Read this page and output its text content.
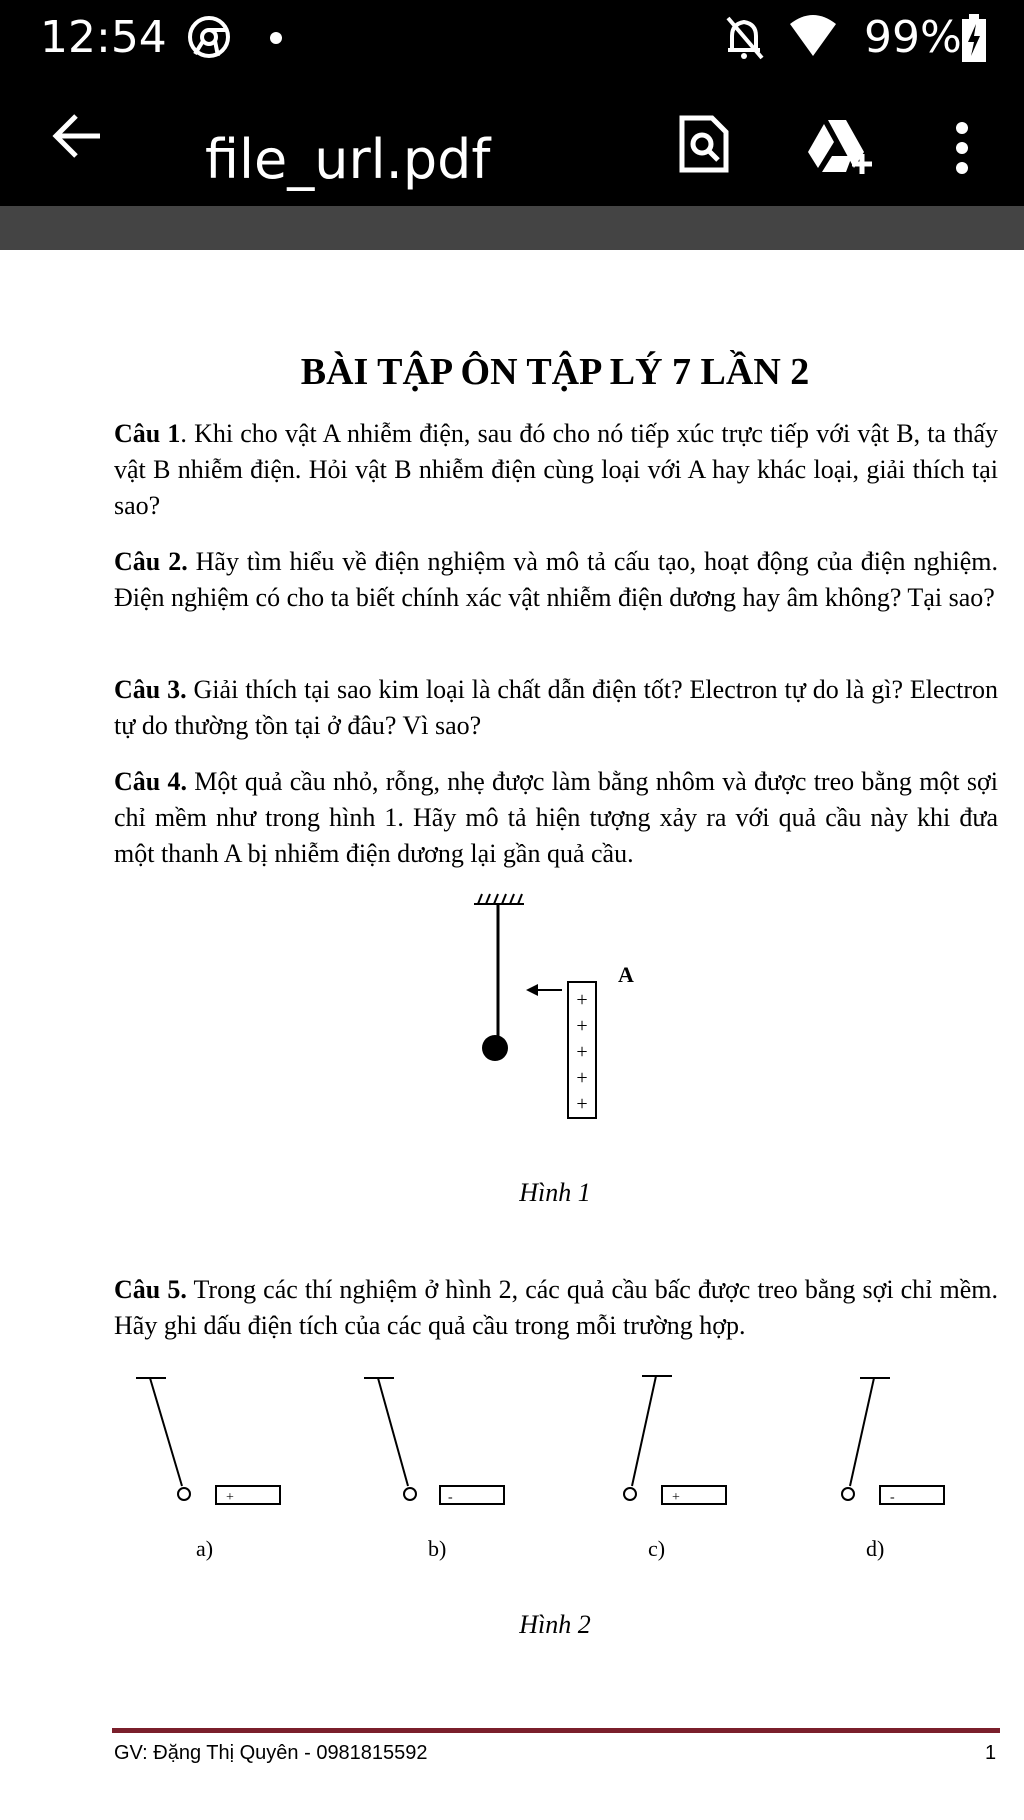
12:54	99%
file_url.pdf
BÀI TẬP ÔN TẬP LÝ 7 LẦN 2
Câu 1. Khi cho vật A nhiễm điện, sau đó cho nó tiếp xúc trực tiếp với vật B, ta thấy vật B nhiễm điện. Hỏi vật B nhiễm điện cùng loại với A hay khác loại, giải thích tại sao?
Câu 2. Hãy tìm hiểu về điện nghiệm và mô tả cấu tạo, hoạt động của điện nghiệm. Điện nghiệm có cho ta biết chính xác vật nhiễm điện dương hay âm không? Tại sao?
Câu 3. Giải thích tại sao kim loại là chất dẫn điện tốt? Electron tự do là gì? Electron tự do thường tồn tại ở đâu? Vì sao?
Câu 4. Một quả cầu nhỏ, rỗng, nhẹ được làm bằng nhôm và được treo bằng một sợi chỉ mềm như trong hình 1. Hãy mô tả hiện tượng xảy ra với quả cầu này khi đưa một thanh A bị nhiễm điện dương lại gần quả cầu.
+
+
+
+
+
A
Hình 1
Câu 5. Trong các thí nghiệm ở hình 2, các quả cầu bấc được treo bằng sợi chỉ mềm. Hãy ghi dấu điện tích của các quả cầu trong mỗi trường hợp.
+
a)
-
b)
+
c)
-
d)
Hình 2
GV: Đặng Thị Quyên - 0981815592	1
